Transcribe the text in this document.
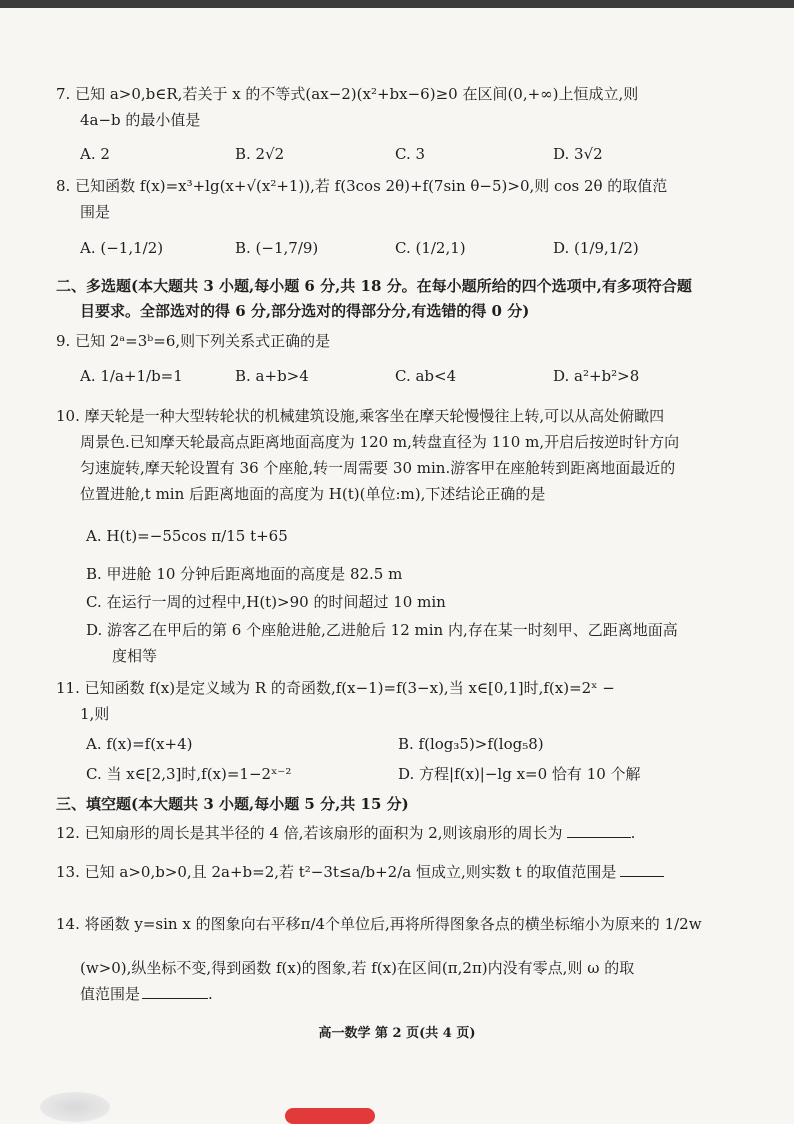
7. 已知 a>0,b∈R,若关于 x 的不等式(ax−2)(x²+bx−6)≥0 在区间(0,+∞)上恒成立,则
4a−b 的最小值是
A. 2	B. 2√2	C. 3	D. 3√2
8. 已知函数 f(x)=x³+lg(x+√(x²+1)),若 f(3cos 2θ)+f(7sin θ−5)>0,则 cos 2θ 的取值范
围是
A. (−1,1/2)	B. (−1,7/9)	C. (1/2,1)	D. (1/9,1/2)
二、多选题(本大题共 3 小题,每小题 6 分,共 18 分。在每小题所给的四个选项中,有多项符合题
目要求。全部选对的得 6 分,部分选对的得部分分,有选错的得 0 分)
9. 已知 2ᵃ=3ᵇ=6,则下列关系式正确的是
A. 1/a+1/b=1	B. a+b>4	C. ab<4	D. a²+b²>8
10. 摩天轮是一种大型转轮状的机械建筑设施,乘客坐在摩天轮慢慢往上转,可以从高处俯瞰四
周景色.已知摩天轮最高点距离地面高度为 120 m,转盘直径为 110 m,开启后按逆时针方向
匀速旋转,摩天轮设置有 36 个座舱,转一周需要 30 min.游客甲在座舱转到距离地面最近的
位置进舱,t min 后距离地面的高度为 H(t)(单位:m),下述结论正确的是
A. H(t)=−55cos π/15 t+65
B. 甲进舱 10 分钟后距离地面的高度是 82.5 m
C. 在运行一周的过程中,H(t)>90 的时间超过 10 min
D. 游客乙在甲后的第 6 个座舱进舱,乙进舱后 12 min 内,存在某一时刻甲、乙距离地面高
度相等
11. 已知函数 f(x)是定义域为 R 的奇函数,f(x−1)=f(3−x),当 x∈[0,1]时,f(x)=2ˣ −
1,则
A. f(x)=f(x+4)	B. f(log₃5)>f(log₅8)
C. 当 x∈[2,3]时,f(x)=1−2ˣ⁻²	D. 方程|f(x)|−lg x=0 恰有 10 个解
三、填空题(本大题共 3 小题,每小题 5 分,共 15 分)
12. 已知扇形的周长是其半径的 4 倍,若该扇形的面积为 2,则该扇形的周长为	.
13. 已知 a>0,b>0,且 2a+b=2,若 t²−3t≤a/b+2/a 恒成立,则实数 t 的取值范围是
14. 将函数 y=sin x 的图象向右平移π/4个单位后,再将所得图象各点的横坐标缩小为原来的 1/2w
(w>0),纵坐标不变,得到函数 f(x)的图象,若 f(x)在区间(π,2π)内没有零点,则 ω 的取
值范围是	.
高一数学 第 2 页(共 4 页)
